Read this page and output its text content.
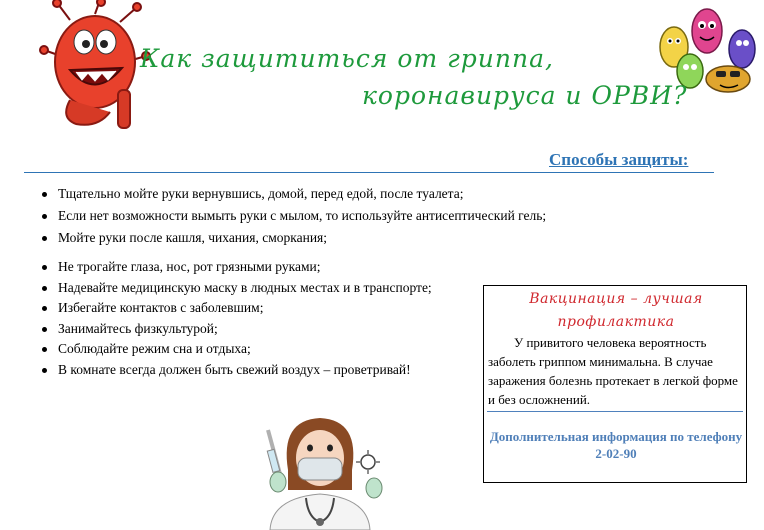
Как защититься от гриппа,
коронавируса и ОРВИ?
Способы защиты:
Тщательно мойте руки вернувшись, домой, перед едой, после туалета;
Если нет возможности вымыть руки с мылом, то используйте антисептический гель;
Мойте руки после кашля, чихания, сморкания;
Не трогайте глаза, нос, рот грязными руками;
Надевайте медицинскую маску в людных местах и в транспорте;
Избегайте контактов с заболевшим;
Занимайтесь физкультурой;
Соблюдайте режим сна и отдыха;
В комнате всегда должен быть свежий воздух – проветривай!
Вакцинация – лучшая профилактика
У привитого человека вероятность заболеть гриппом минимальна. В случае заражения болезнь протекает в легкой форме и без осложнений.
Дополнительная информация по телефону 2-02-90
